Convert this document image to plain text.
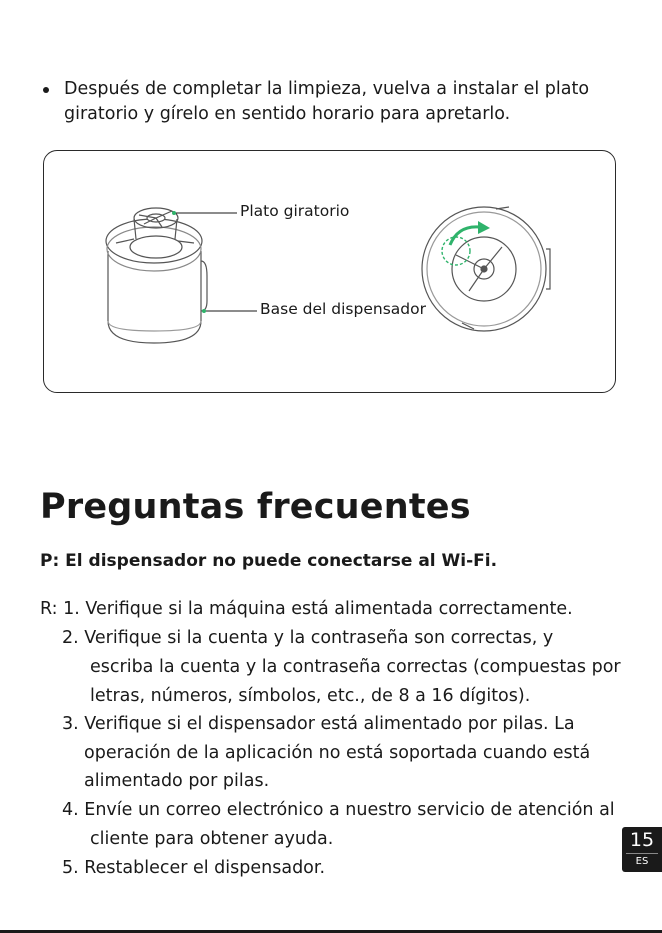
Después de completar la limpieza, vuelva a instalar el plato
giratorio y gírelo en sentido horario para apretarlo.
Plato giratorio
Base del dispensador
Preguntas frecuentes
P: El dispensador no puede conectarse al Wi-Fi.
R: 1. Verifique si la máquina está alimentada correctamente.
2. Verifique si la cuenta y la contraseña son correctas, y
escriba la cuenta y la contraseña correctas (compuestas por
letras, números, símbolos, etc., de 8 a 16 dígitos).
3. Verifique si el dispensador está alimentado por pilas. La
operación de la aplicación no está soportada cuando está
alimentado por pilas.
4. Envíe un correo electrónico a nuestro servicio de atención al
cliente para obtener ayuda.
5. Restablecer el dispensador.
15
ES
